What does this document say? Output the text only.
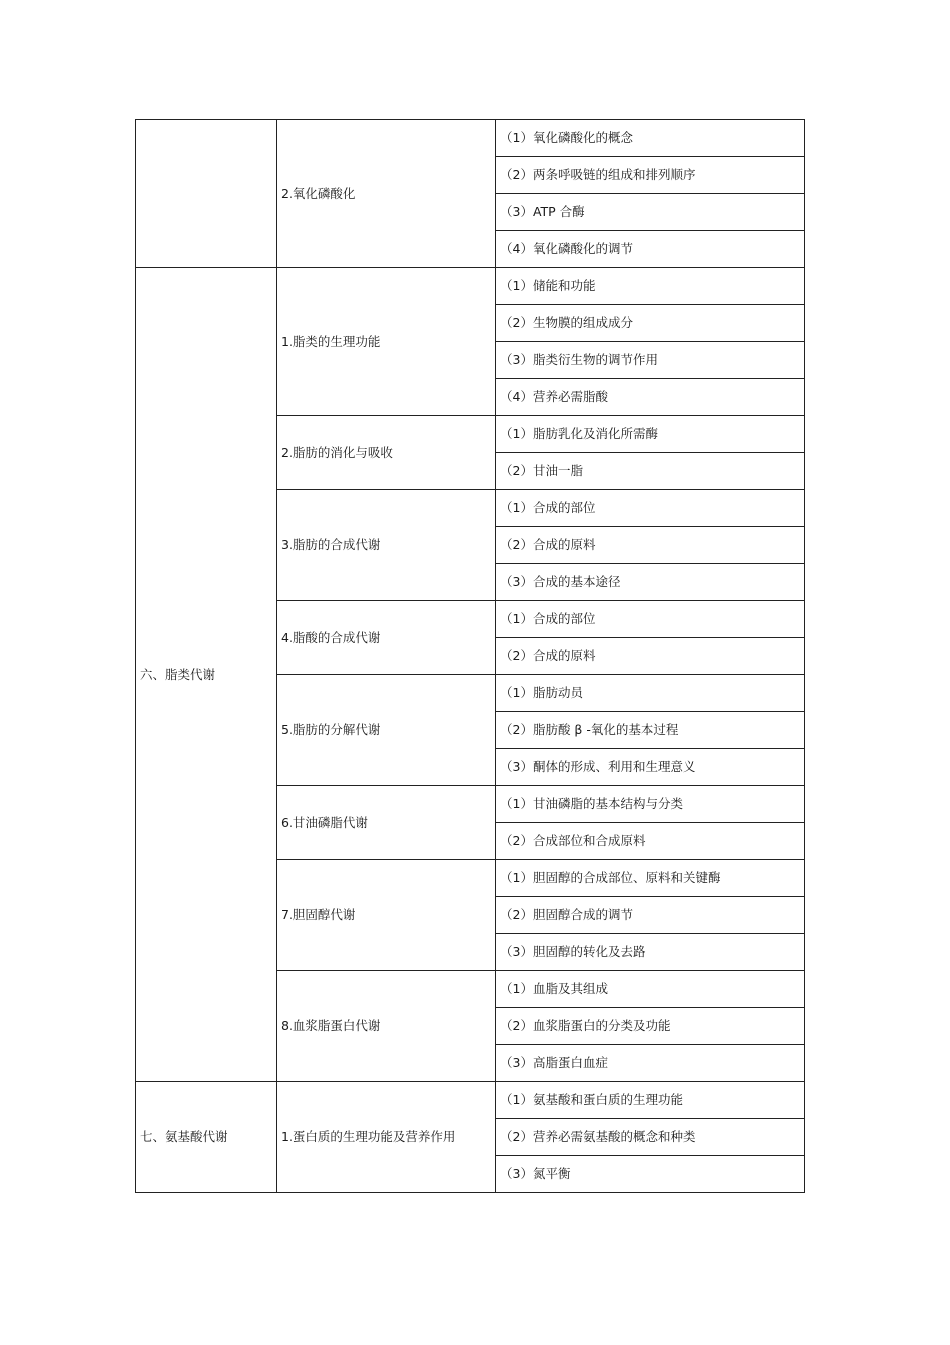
	2.氧化磷酸化	（1）氧化磷酸化的概念
		（2）两条呼吸链的组成和排列顺序
		（3）ATP 合酶
		（4）氧化磷酸化的调节
六、脂类代谢	1.脂类的生理功能	（1）储能和功能
		（2）生物膜的组成成分
		（3）脂类衍生物的调节作用
		（4）营养必需脂酸
	2.脂肪的消化与吸收	（1）脂肪乳化及消化所需酶
		（2）甘油一脂
	3.脂肪的合成代谢	（1）合成的部位
		（2）合成的原料
		（3）合成的基本途径
	4.脂酸的合成代谢	（1）合成的部位
		（2）合成的原料
	5.脂肪的分解代谢	（1）脂肪动员
		（2）脂肪酸 β -氧化的基本过程
		（3）酮体的形成、利用和生理意义
	6.甘油磷脂代谢	（1）甘油磷脂的基本结构与分类
		（2）合成部位和合成原料
	7.胆固醇代谢	（1）胆固醇的合成部位、原料和关键酶
		（2）胆固醇合成的调节
		（3）胆固醇的转化及去路
	8.血浆脂蛋白代谢	（1）血脂及其组成
		（2）血浆脂蛋白的分类及功能
		（3）高脂蛋白血症
七、氨基酸代谢	1.蛋白质的生理功能及营养作用	（1）氨基酸和蛋白质的生理功能
		（2）营养必需氨基酸的概念和种类
		（3）氮平衡
